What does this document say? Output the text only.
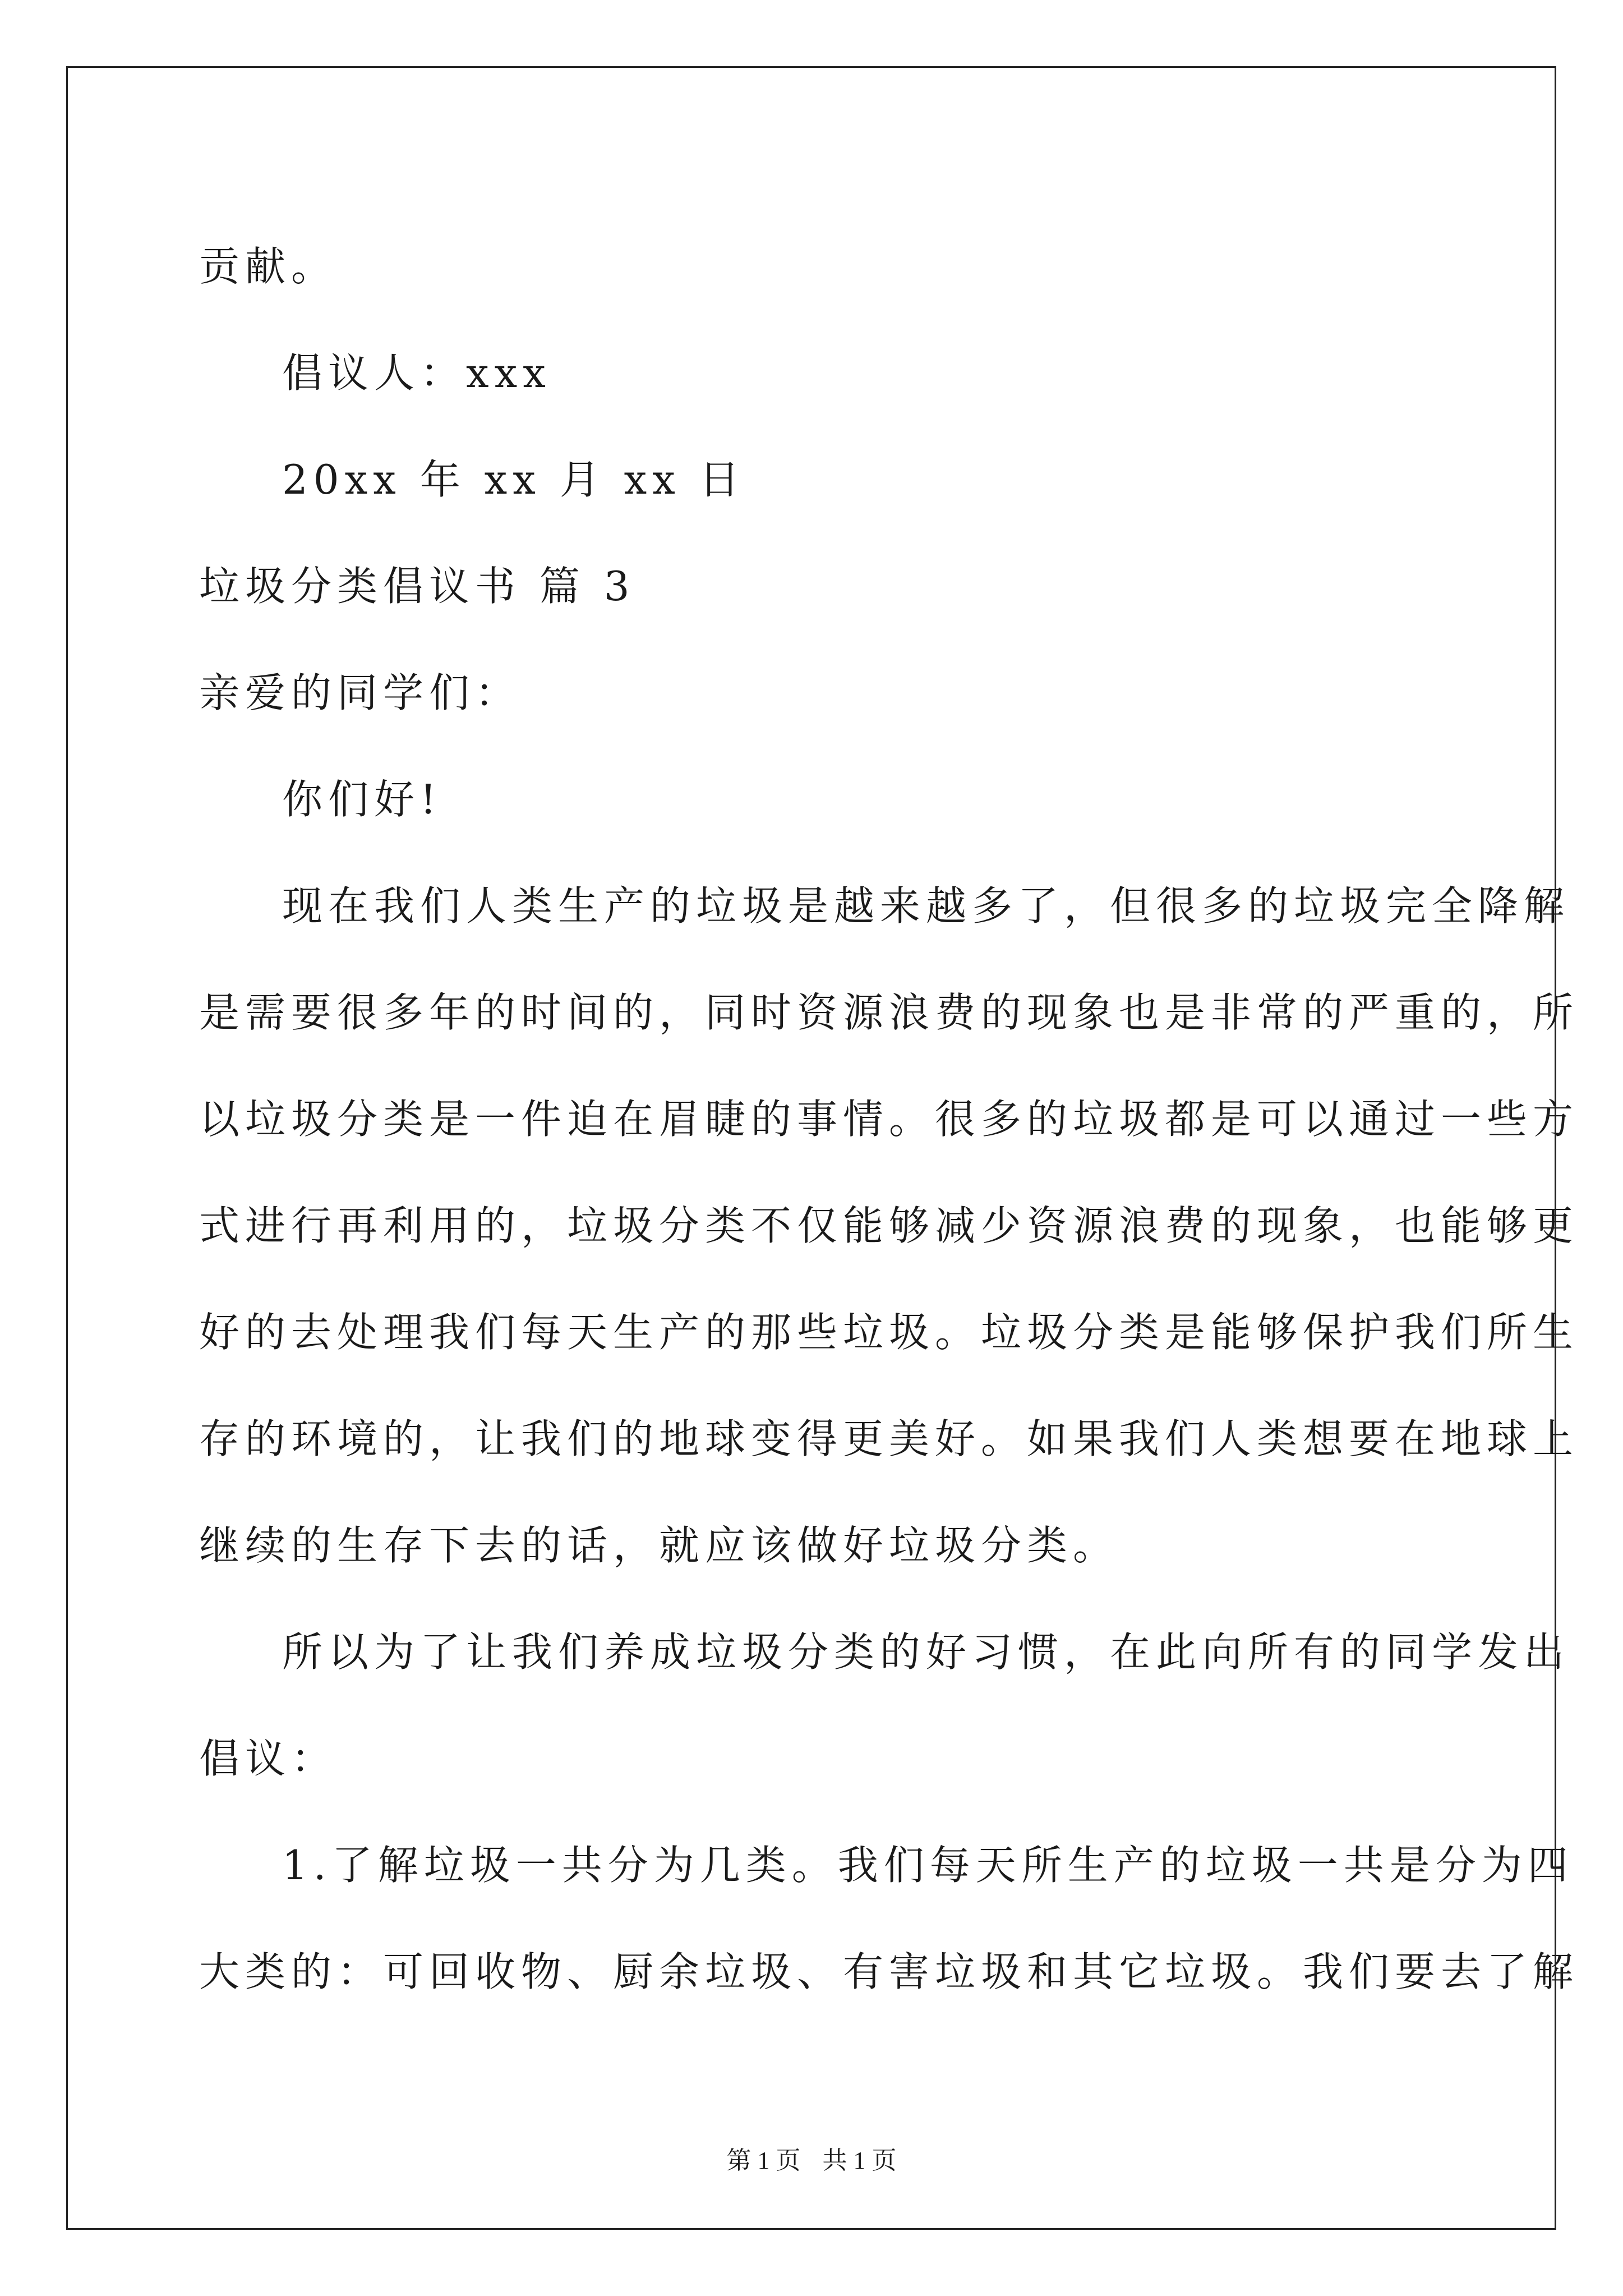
贡献。

倡议人：xxx

20xx 年 xx 月 xx 日

垃圾分类倡议书 篇 3

亲爱的同学们：

你们好!

现在我们人类生产的垃圾是越来越多了，但很多的垃圾完全降解
是需要很多年的时间的，同时资源浪费的现象也是非常的严重的，所
以垃圾分类是一件迫在眉睫的事情。很多的垃圾都是可以通过一些方
式进行再利用的，垃圾分类不仅能够减少资源浪费的现象，也能够更
好的去处理我们每天生产的那些垃圾。垃圾分类是能够保护我们所生
存的环境的，让我们的地球变得更美好。如果我们人类想要在地球上
继续的生存下去的话，就应该做好垃圾分类。

所以为了让我们养成垃圾分类的好习惯，在此向所有的同学发出
倡议：

1.了解垃圾一共分为几类。我们每天所生产的垃圾一共是分为四
大类的：可回收物、厨余垃圾、有害垃圾和其它垃圾。我们要去了解

第 1 页 共 1 页
